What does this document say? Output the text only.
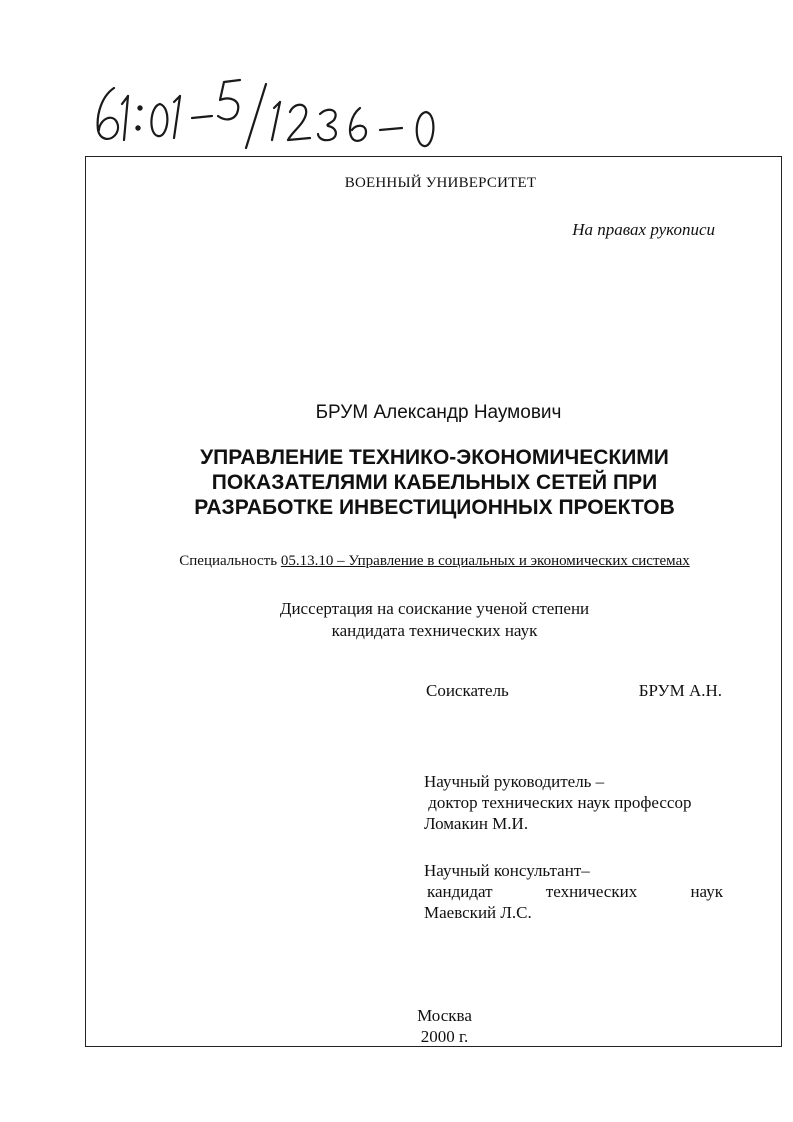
ВОЕННЫЙ УНИВЕРСИТЕТ
На правах рукописи
БРУМ Александр Наумович
УПРАВЛЕНИЕ ТЕХНИКО-ЭКОНОМИЧЕСКИМИ
ПОКАЗАТЕЛЯМИ КАБЕЛЬНЫХ СЕТЕЙ ПРИ
РАЗРАБОТКЕ ИНВЕСТИЦИОННЫХ ПРОЕКТОВ
Специальность 05.13.10 – Управление в социальных и экономических системах
Диссертация на соискание ученой степени
кандидата технических наук
Соискатель	БРУМ А.Н.
Научный руководитель –
доктор технических наук профессор
Ломакин М.И.
Научный консультант–
кандидат	технических	наук
Маевский Л.С.
Москва
2000 г.
